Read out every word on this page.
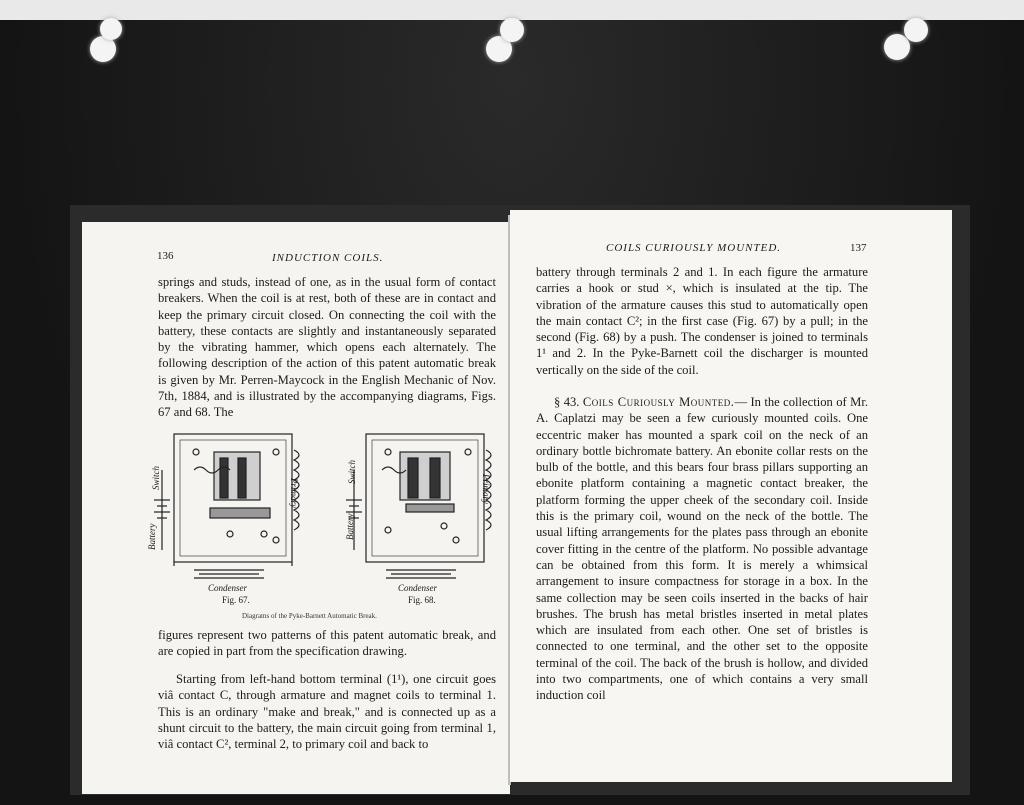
136	INDUCTION COILS.

springs and studs, instead of one, as in the usual form of contact breakers. When the coil is at rest, both of these are in contact and keep the primary circuit closed. On connecting the coil with the battery, these contacts are slightly and instantaneously separated by the vibrating hammer, which opens each alternately. The following description of the action of this patent automatic break is given by Mr. Perren-Maycock in the English Mechanic of Nov. 7th, 1884, and is illustrated by the accompanying diagrams, Figs. 67 and 68. The

Battery
Switch	Primary
Condenser
Fig. 67.
Battery
Switch
Primary
Condenser
Fig. 68.
Diagrams of the Pyke-Barnett Automatic Break.

figures represent two patterns of this patent automatic break, and are copied in part from the specification drawing.

Starting from left-hand bottom terminal (1¹), one circuit goes viâ contact C, through armature and magnet coils to terminal 1. This is an ordinary "make and break," and is connected up as a shunt circuit to the battery, the main circuit going from terminal 1, viâ contact C², terminal 2, to primary coil and back to

COILS CURIOUSLY MOUNTED.	137

battery through terminals 2 and 1. In each figure the armature carries a hook or stud ×, which is insulated at the tip. The vibration of the armature causes this stud to automatically open the main contact C²; in the first case (Fig. 67) by a pull; in the second (Fig. 68) by a push. The condenser is joined to terminals 1¹ and 2. In the Pyke-Barnett coil the discharger is mounted vertically on the side of the coil.

§ 43. Coils Curiously Mounted.— In the collection of Mr. A. Caplatzi may be seen a few curiously mounted coils. One eccentric maker has mounted a spark coil on the neck of an ordinary bottle bichromate battery. An ebonite collar rests on the bulb of the bottle, and this bears four brass pillars supporting an ebonite platform containing a magnetic contact breaker, the platform forming the upper cheek of the secondary coil. Inside this is the primary coil, wound on the neck of the bottle. The usual lifting arrangements for the plates pass through an ebonite cover fitting in the centre of the platform. No possible advantage can be obtained from this form. It is merely a whimsical arrangement to insure compactness for storage in a box. In the same collection may be seen coils inserted in the backs of hair brushes. The brush has metal bristles inserted in metal plates which are insulated from each other. One set of bristles is connected to one terminal, and the other set to the opposite terminal of the coil. The back of the brush is hollow, and divided into two compartments, one of which contains a very small induction coil
